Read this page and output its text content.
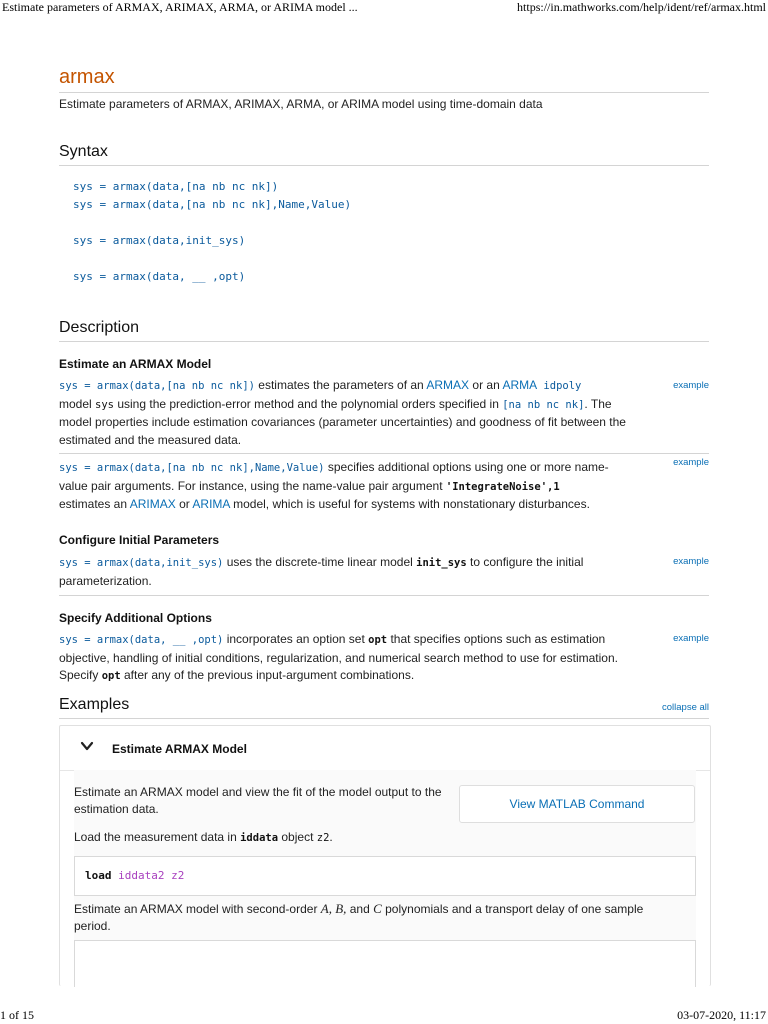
Estimate parameters of ARMAX, ARIMAX, ARMA, or ARIMA model ...	https://in.mathworks.com/help/ident/ref/armax.html
armax
Estimate parameters of ARMAX, ARIMAX, ARMA, or ARIMA model using time-domain data
Syntax
sys = armax(data,[na nb nc nk])
sys = armax(data,[na nb nc nk],Name,Value)
sys = armax(data,init_sys)
sys = armax(data, __ ,opt)
Description
Estimate an ARMAX Model
sys = armax(data,[na nb nc nk]) estimates the parameters of an ARMAX or an ARMA idpoly
model sys using the prediction-error method and the polynomial orders specified in [na nb nc nk]. The model properties include estimation covariances (parameter uncertainties) and goodness of fit between the estimated and the measured data.
example
sys = armax(data,[na nb nc nk],Name,Value) specifies additional options using one or more name-value pair arguments. For instance, using the name-value pair argument 'IntegrateNoise',1
estimates an ARIMAX or ARIMA model, which is useful for systems with nonstationary disturbances.
example
Configure Initial Parameters
sys = armax(data,init_sys) uses the discrete-time linear model init_sys to configure the initial parameterization.
example
Specify Additional Options
sys = armax(data, __ ,opt) incorporates an option set opt that specifies options such as estimation objective, handling of initial conditions, regularization, and numerical search method to use for estimation. Specify opt after any of the previous input-argument combinations.
example
Examples	collapse all
Estimate ARMAX Model
Estimate an ARMAX model and view the fit of the model output to the estimation data.	View MATLAB Command
Load the measurement data in iddata object z2.
load iddata2 z2
Estimate an ARMAX model with second-order A, B, and C polynomials and a transport delay of one sample period.
1 of 15	03-07-2020, 11:17
